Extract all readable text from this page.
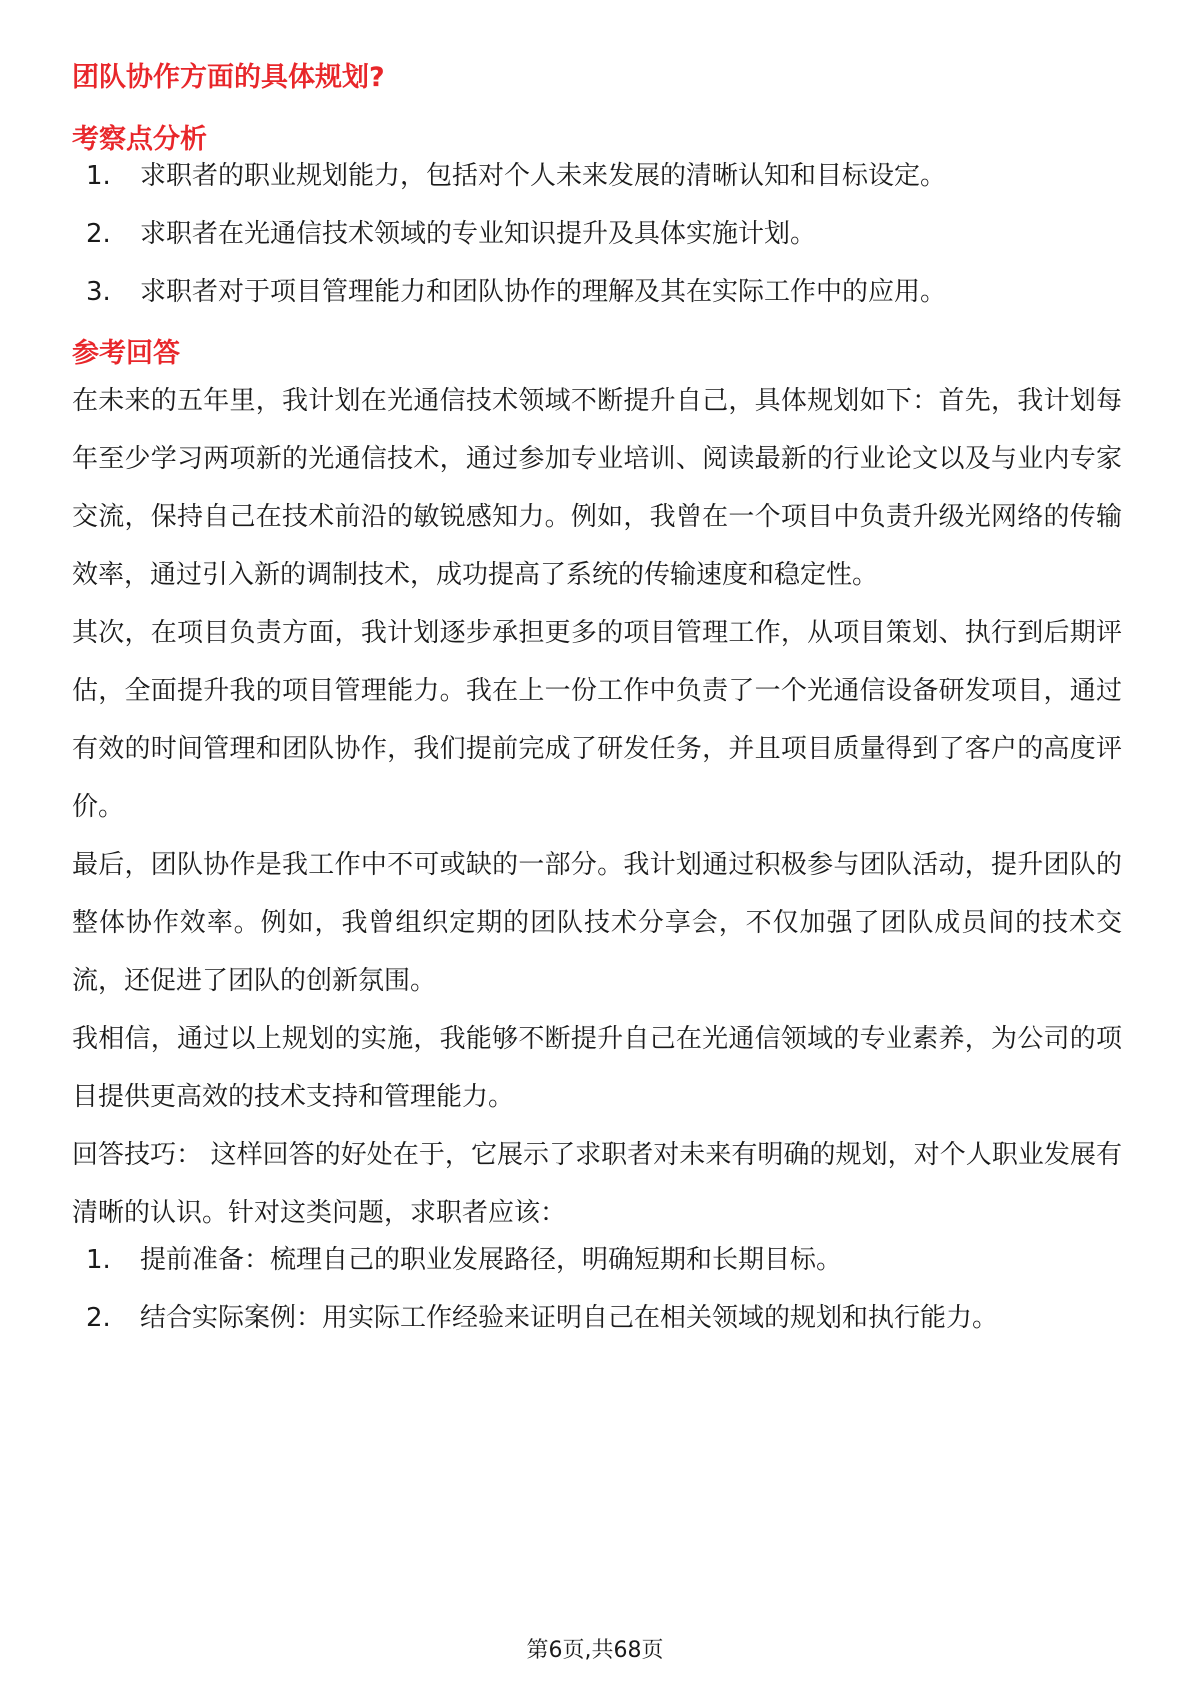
团队协作方面的具体规划?
考察点分析
1.	求职者的职业规划能力，包括对个人未来发展的清晰认知和目标设定。
2.	求职者在光通信技术领域的专业知识提升及具体实施计划。
3.	求职者对于项目管理能力和团队协作的理解及其在实际工作中的应用。
参考回答

在未来的五年里，我计划在光通信技术领域不断提升自己，具体规划如下：首先，我计划每年至少学习两项新的光通信技术，通过参加专业培训、阅读最新的行业论文以及与业内专家交流，保持自己在技术前沿的敏锐感知力。例如，我曾在一个项目中负责升级光网络的传输效率，通过引入新的调制技术，成功提高了系统的传输速度和稳定性。

其次，在项目负责方面，我计划逐步承担更多的项目管理工作，从项目策划、执行到后期评估，全面提升我的项目管理能力。我在上一份工作中负责了一个光通信设备研发项目，通过有效的时间管理和团队协作，我们提前完成了研发任务，并且项目质量得到了客户的高度评价。

最后，团队协作是我工作中不可或缺的一部分。我计划通过积极参与团队活动，提升团队的整体协作效率。例如，我曾组织定期的团队技术分享会，不仅加强了团队成员间的技术交流，还促进了团队的创新氛围。

我相信，通过以上规划的实施，我能够不断提升自己在光通信领域的专业素养，为公司的项目提供更高效的技术支持和管理能力。

回答技巧： 这样回答的好处在于，它展示了求职者对未来有明确的规划，对个人职业发展有清晰的认识。针对这类问题，求职者应该：

1.	提前准备：梳理自己的职业发展路径，明确短期和长期目标。
2.	结合实际案例：用实际工作经验来证明自己在相关领域的规划和执行能力。
第6页,共68页
